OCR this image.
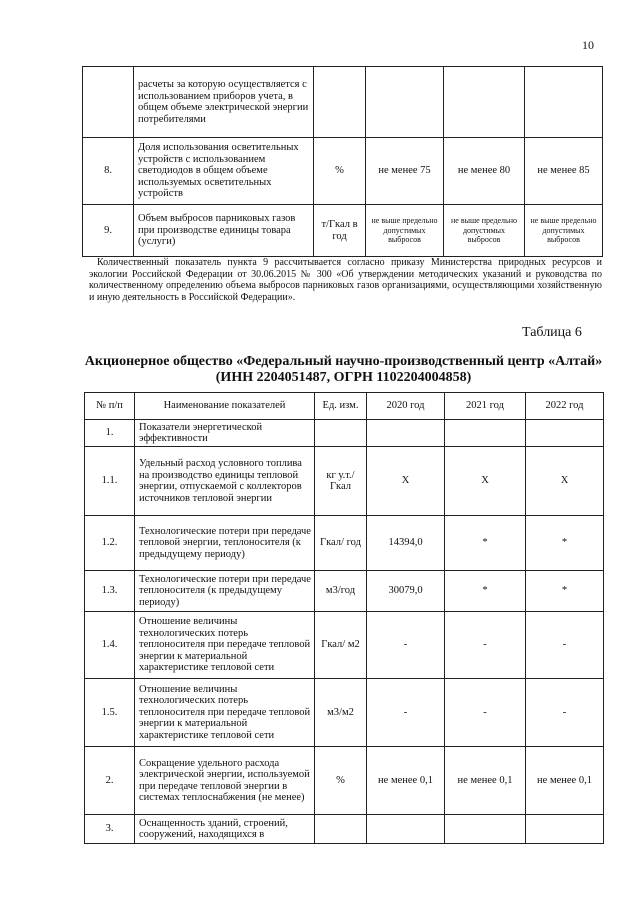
10
	расчеты за которую осуществляется с использованием приборов учета, в общем объеме электрической энергии потребителями				
8.	Доля использования осветительных устройств с использованием светодиодов в общем объеме используемых осветительных устройств	%	не менее 75	не менее 80	не менее 85
9.	Объем выбросов парниковых газов при производстве единицы товара (услуги)	т/Гкал в год	не выше предельно допустимых выбросов	не выше предельно допустимых выбросов	не выше предельно допустимых выбросов

Количественный показатель пункта 9 рассчитывается согласно приказу Министерства природных ресурсов и экологии Российской Федерации от 30.06.2015 № 300 «Об утверждении методических указаний и руководства по количественному определению объема выбросов парниковых газов организациями, осуществляющими хозяйственную и иную деятельность в Российской Федерации».

Таблица 6
Акционерное общество «Федеральный научно-производственный центр «Алтай» (ИНН 2204051487, ОГРН 1102204004858)
№ п/п	Наименование показателей	Ед. изм.	2020 год	2021 год	2022 год
1.	Показатели энергетической эффективности				
1.1.	Удельный расход условного топлива на производство единицы тепловой энергии, отпускаемой с коллекторов источников тепловой энергии	кг у.т./ Гкал	Х	Х	Х
1.2.	Технологические потери при передаче тепловой энергии, теплоносителя (к предыдущему периоду)	Гкал/ год	14394,0	*	*
1.3.	Технологические потери при передаче теплоносителя (к предыдущему периоду)	м3/год	30079,0	*	*
1.4.	Отношение величины технологических потерь теплоносителя при передаче тепловой энергии к материальной характеристике тепловой сети	Гкал/ м2	-	-	-
1.5.	Отношение величины технологических потерь теплоносителя при передаче тепловой энергии к материальной характеристике тепловой сети	м3/м2	-	-	-
2.	Сокращение удельного расхода электрической энергии, используемой при передаче тепловой энергии в системах теплоснабжения (не менее)	%	не менее 0,1	не менее 0,1	не менее 0,1
3.	Оснащенность зданий, строений, сооружений, находящихся в				
